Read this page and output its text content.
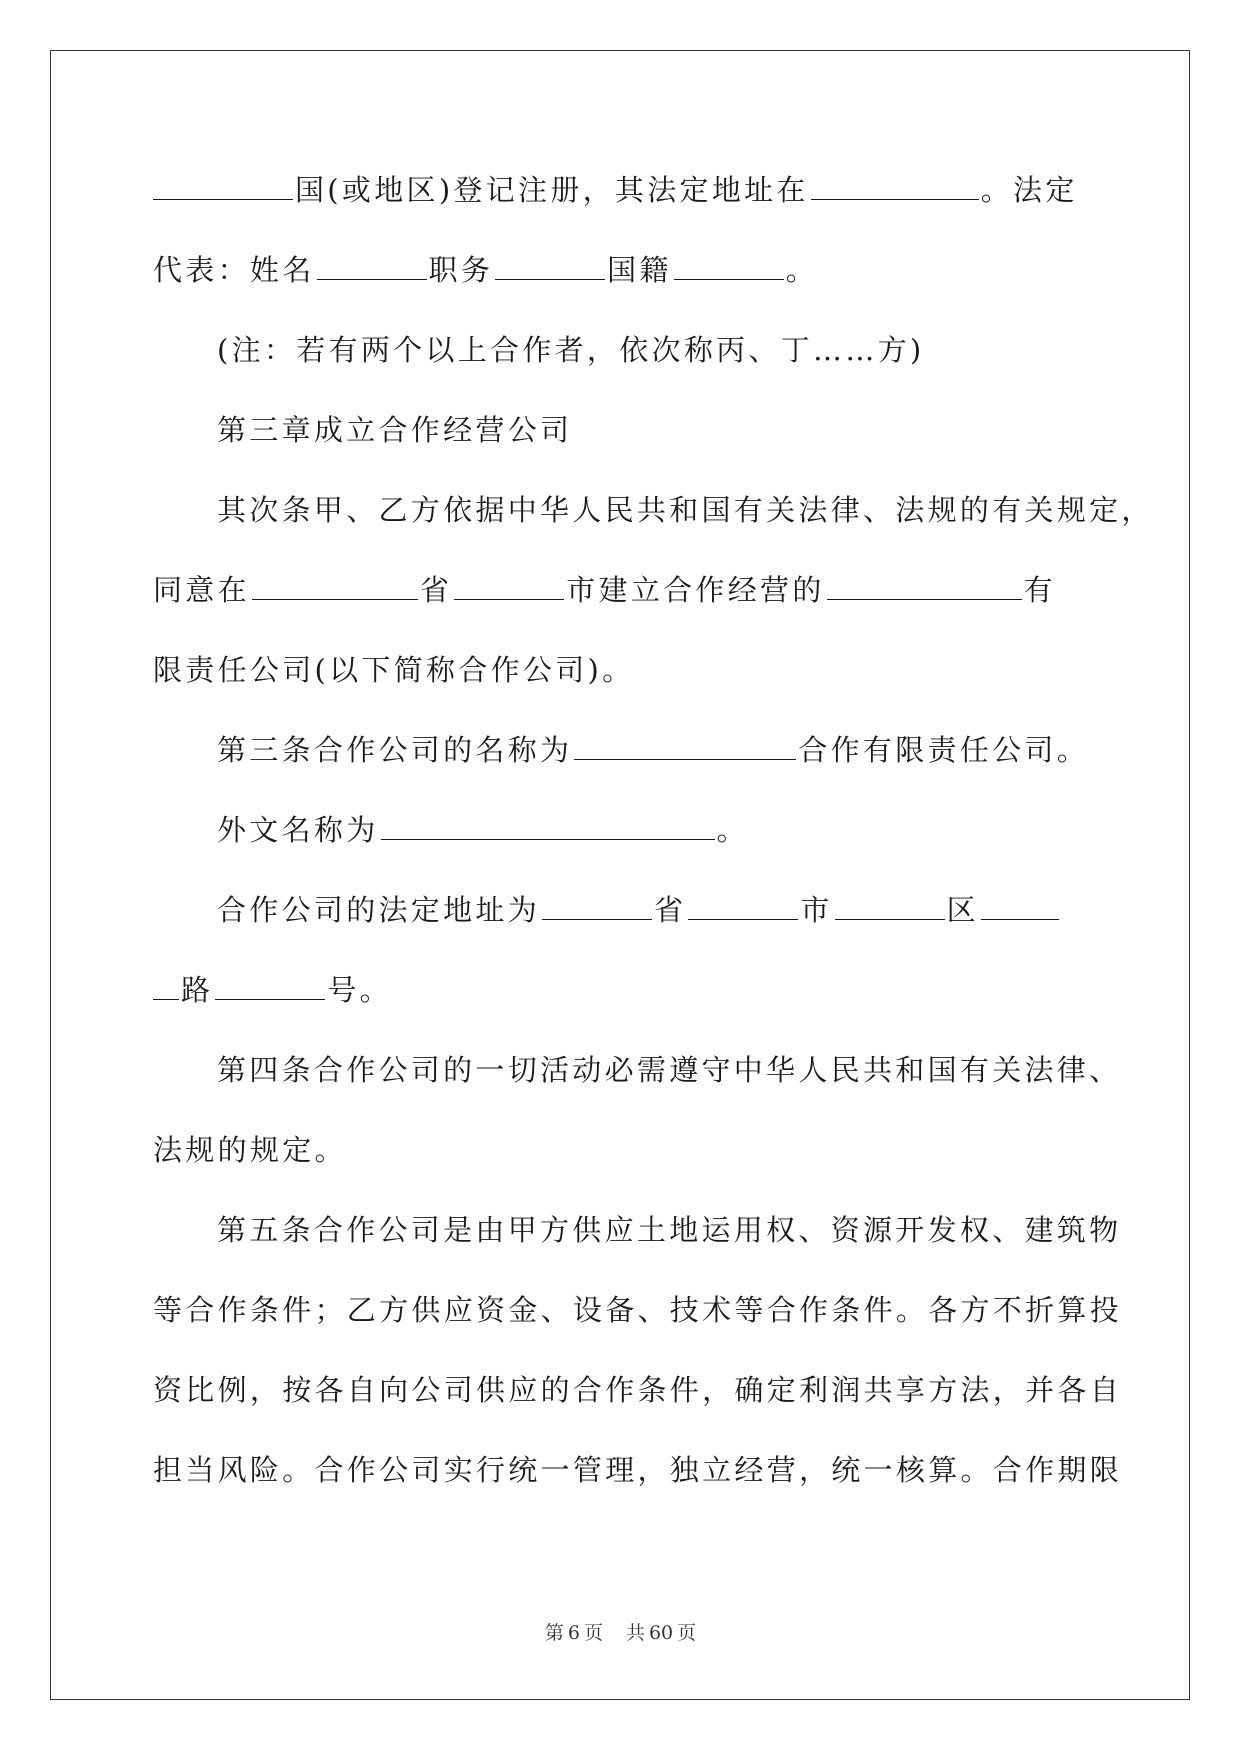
国(或地区)登记注册，其法定地址在	。法定
代表：姓名	职务	国籍	。
(注：若有两个以上合作者，依次称丙、丁……方)
第三章成立合作经营公司
其次条甲、乙方依据中华人民共和国有关法律、法规的有关规定，
同意在	省	市建立合作经营的	有
限责任公司(以下简称合作公司)。
第三条合作公司的名称为	合作有限责任公司。
外文名称为	。
合作公司的法定地址为	省	市	区
路	号。
第四条合作公司的一切活动必需遵守中华人民共和国有关法律、
法规的规定。
第五条合作公司是由甲方供应土地运用权、资源开发权、建筑物
等合作条件；乙方供应资金、设备、技术等合作条件。各方不折算投
资比例，按各自向公司供应的合作条件，确定利润共享方法，并各自
担当风险。合作公司实行统一管理，独立经营，统一核算。合作期限
第 6 页  共 60 页
